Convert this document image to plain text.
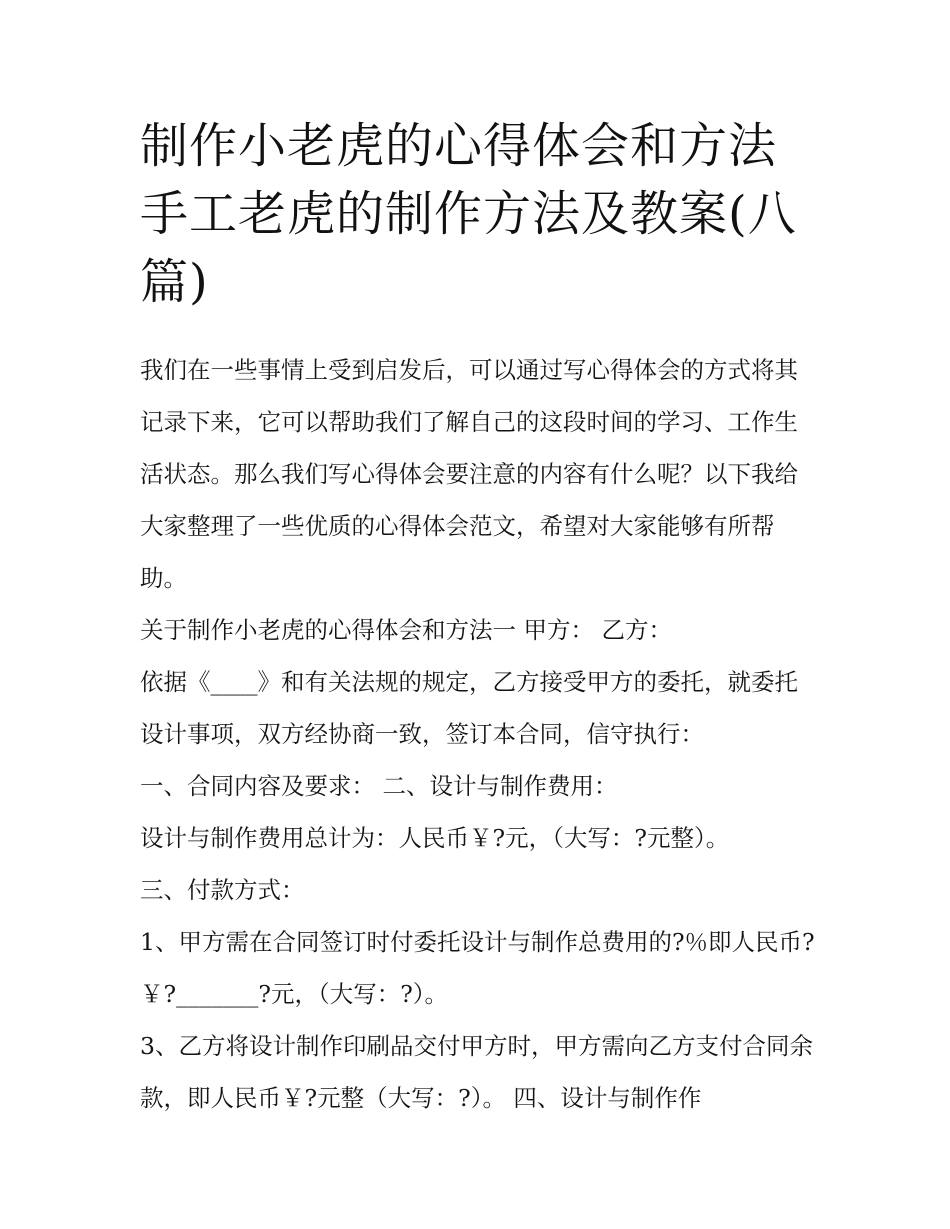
制作小老虎的心得体会和方法
手工老虎的制作方法及教案(八
篇)

我们在一些事情上受到启发后，可以通过写心得体会的方式将其记录下来，它可以帮助我们了解自己的这段时间的学习、工作生活状态。那么我们写心得体会要注意的内容有什么呢？以下我给大家整理了一些优质的心得体会范文，希望对大家能够有所帮助。

关于制作小老虎的心得体会和方法一 甲方： 乙方：

依据《____》和有关法规的规定，乙方接受甲方的委托，就委托设计事项，双方经协商一致，签订本合同，信守执行：

一、合同内容及要求： 二、设计与制作费用：

设计与制作费用总计为：人民币￥?元，（大写：?元整）。

三、付款方式：

1、甲方需在合同签订时付委托设计与制作总费用的?％即人民币?￥?_______?元，（大写：?）。

3、乙方将设计制作印刷品交付甲方时，甲方需向乙方支付合同余款，即人民币￥?元整（大写：?）。 四、设计与制作作
